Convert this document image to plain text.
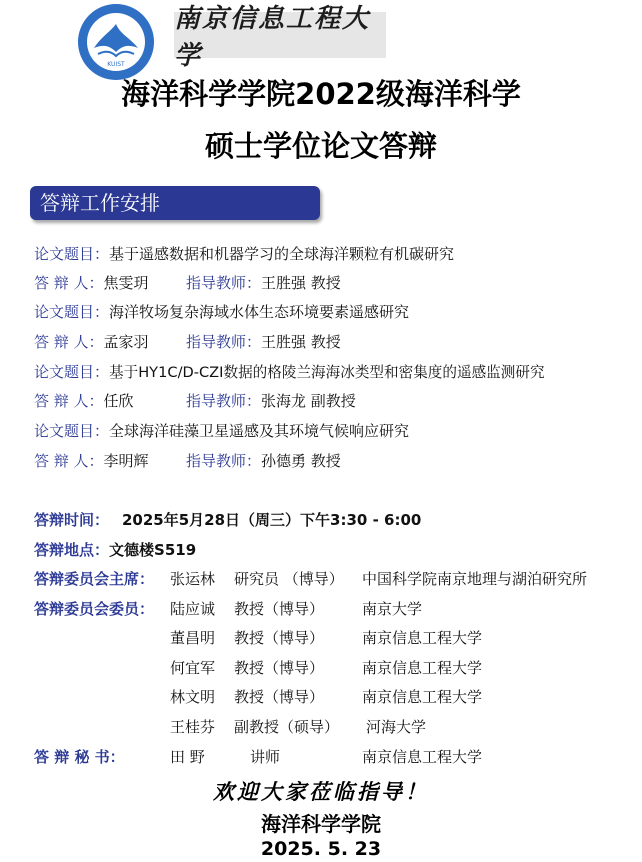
KUIST
南京信息工程大学
海洋科学学院2022级海洋科学
硕士学位论文答辩
答辩工作安排
论文题目：基于遥感数据和机器学习的全球海洋颗粒有机碳研究
答 辩 人：焦雯玥 指导教师：王胜强 教授
论文题目：海洋牧场复杂海域水体生态环境要素遥感研究
答 辩 人：孟家羽 指导教师：王胜强 教授
论文题目：基于HY1C/D-CZI数据的格陵兰海海冰类型和密集度的遥感监测研究
答 辩 人：任欣	指导教师：张海龙 副教授
论文题目：全球海洋硅藻卫星遥感及其环境气候响应研究
答 辩 人：李明辉 指导教师：孙德勇 教授
答辩时间： 2025年5月28日（周三）下午3:30 - 6:00
答辩地点：文德楼S519
答辩委员会主席： 张运林 研究员 （博导） 中国科学院南京地理与湖泊研究所
答辩委员会委员： 陆应诚 教授（博导）	南京大学
董昌明 教授（博导）	南京信息工程大学
何宜军 教授（博导）	南京信息工程大学
林文明 教授（博导）	南京信息工程大学
王桂芬 副教授（硕导） 河海大学
答 辩 秘 书：	田 野	讲师	南京信息工程大学
欢迎大家莅临指导！
海洋科学学院
2025. 5. 23
